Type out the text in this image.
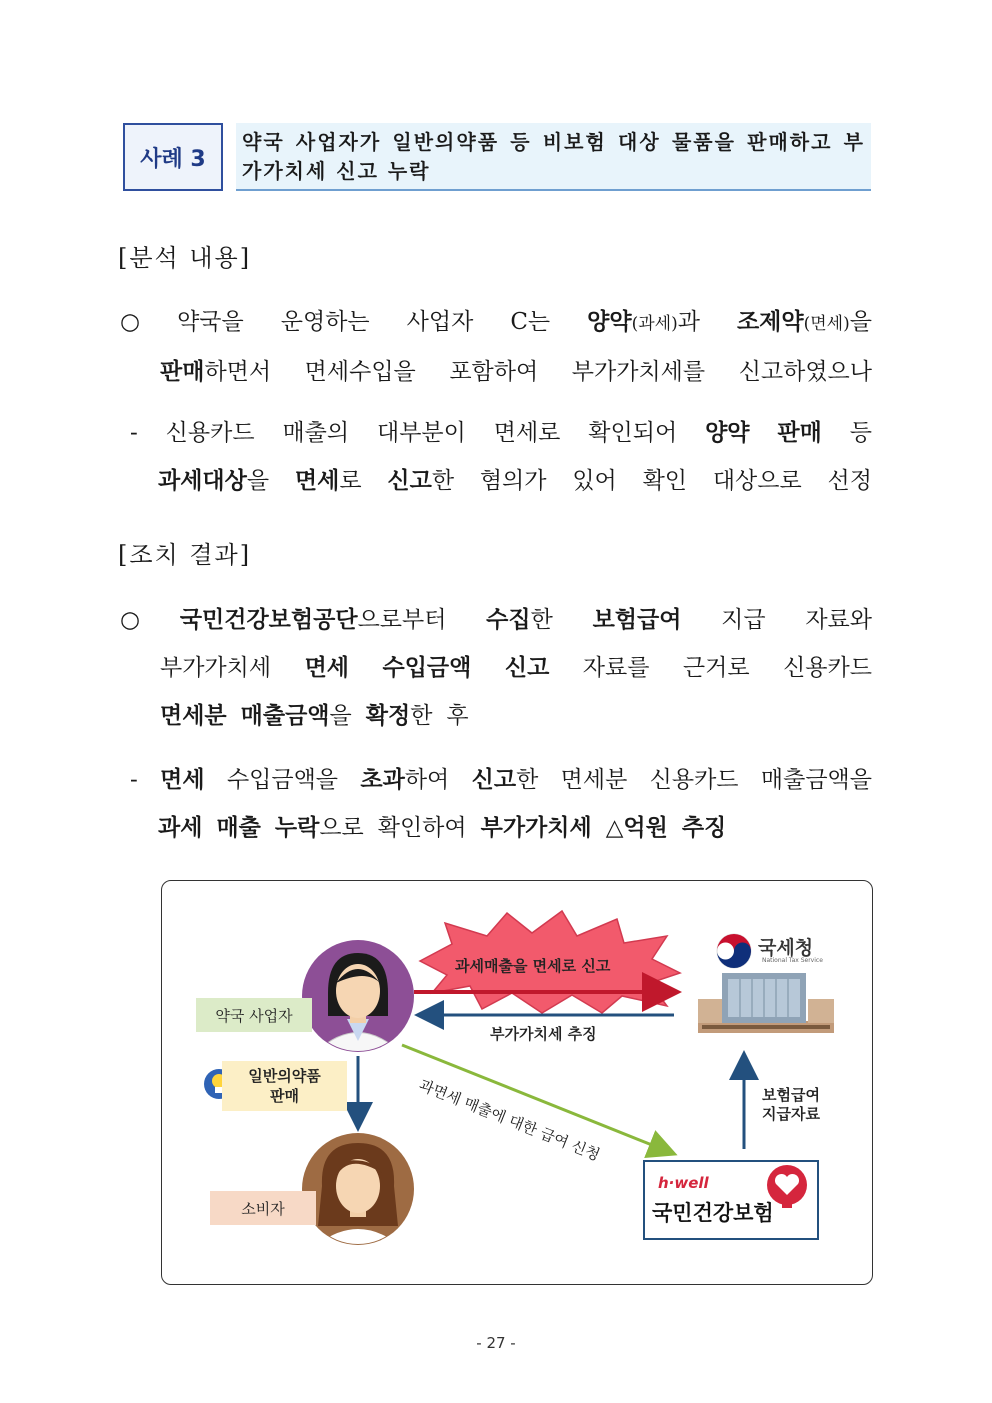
사례 3
약국 사업자가 일반의약품 등 비보험 대상 물품을 판매하고 부가가치세 신고 누락
[분석 내용]
○ 약국을 운영하는 사업자 C는 양약(과세)과 조제약(면세)을
판매하면서 면세수입을 포함하여 부가가치세를 신고하였으나
- 신용카드 매출의 대부분이 면세로 확인되어 양약 판매 등
과세대상을 면세로 신고한 혐의가 있어 확인 대상으로 선정
[조치 결과]
○ 국민건강보험공단으로부터 수집한 보험급여 지급 자료와
부가가치세 면세 수입금액 신고 자료를 근거로 신용카드
면세분 매출금액을 확정한 후
- 면세 수입금액을 초과하여 신고한 면세분 신용카드 매출금액을
과세 매출 누락으로 확인하여 부가가치세 △억원 추징
과세매출을 면세로 신고
부가가치세 추징
약국 사업자
일반의약품
판매
소비자
과면세 매출에 대한 급여 신청	보험급여
지급자료
국세청
National Tax Service
h·well
국민건강보험
- 27 -
